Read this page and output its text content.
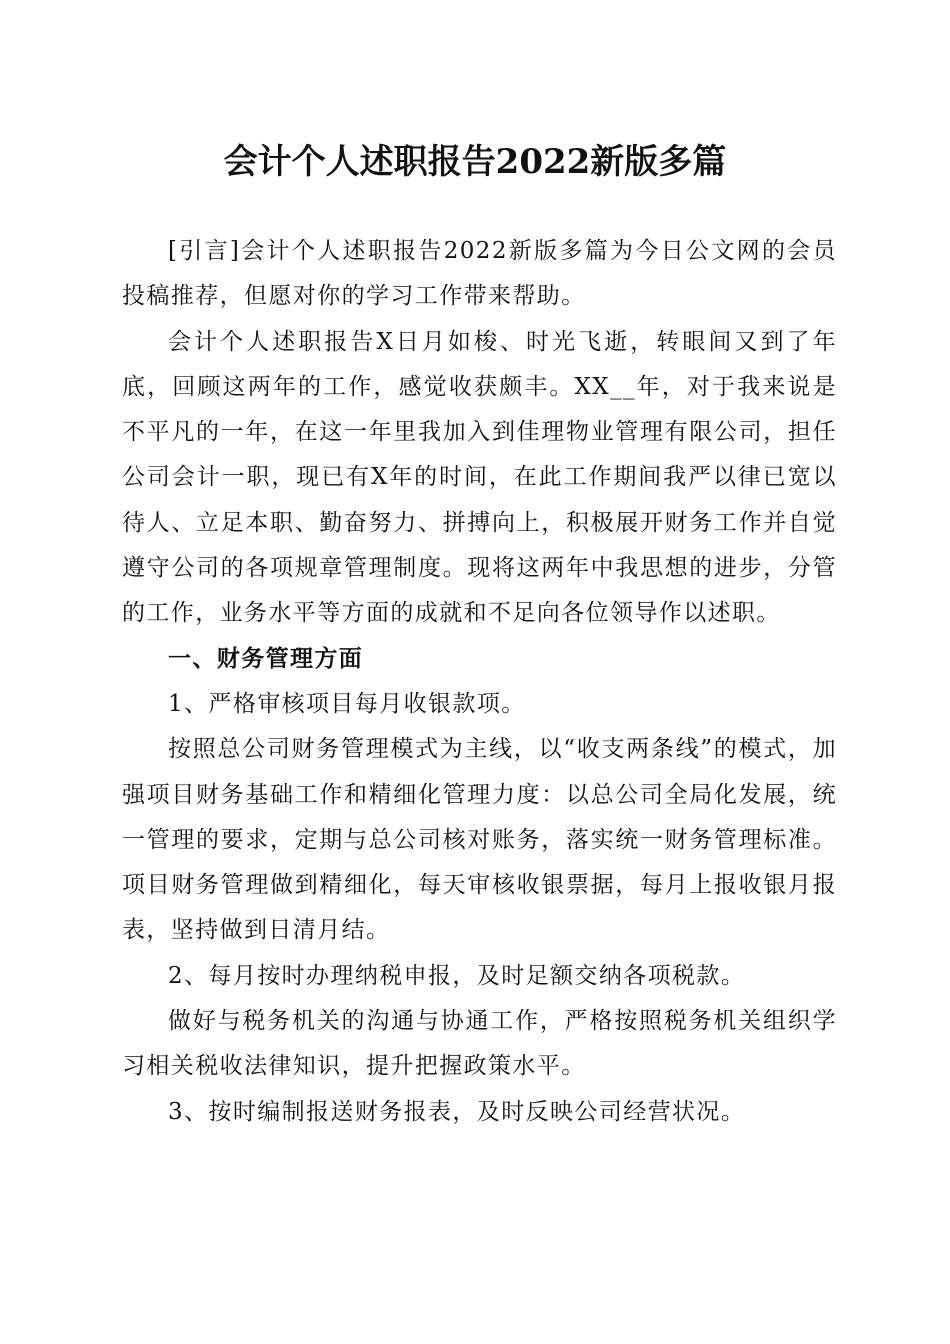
会计个人述职报告2022新版多篇

[引言]会计个人述职报告2022新版多篇为今日公文网的会员投稿推荐，但愿对你的学习工作带来帮助。

会计个人述职报告X日月如梭、时光飞逝，转眼间又到了年底，回顾这两年的工作，感觉收获颇丰。XX__年，对于我来说是不平凡的一年，在这一年里我加入到佳理物业管理有限公司，担任公司会计一职，现已有X年的时间，在此工作期间我严以律已宽以待人、立足本职、勤奋努力、拼搏向上，积极展开财务工作并自觉遵守公司的各项规章管理制度。现将这两年中我思想的进步，分管的工作，业务水平等方面的成就和不足向各位领导作以述职。

一、财务管理方面

1、严格审核项目每月收银款项。

按照总公司财务管理模式为主线，以“收支两条线”的模式，加强项目财务基础工作和精细化管理力度：以总公司全局化发展，统一管理的要求，定期与总公司核对账务，落实统一财务管理标准。项目财务管理做到精细化，每天审核收银票据，每月上报收银月报表，坚持做到日清月结。

2、每月按时办理纳税申报，及时足额交纳各项税款。

做好与税务机关的沟通与协通工作，严格按照税务机关组织学习相关税收法律知识，提升把握政策水平。

3、按时编制报送财务报表，及时反映公司经营状况。
